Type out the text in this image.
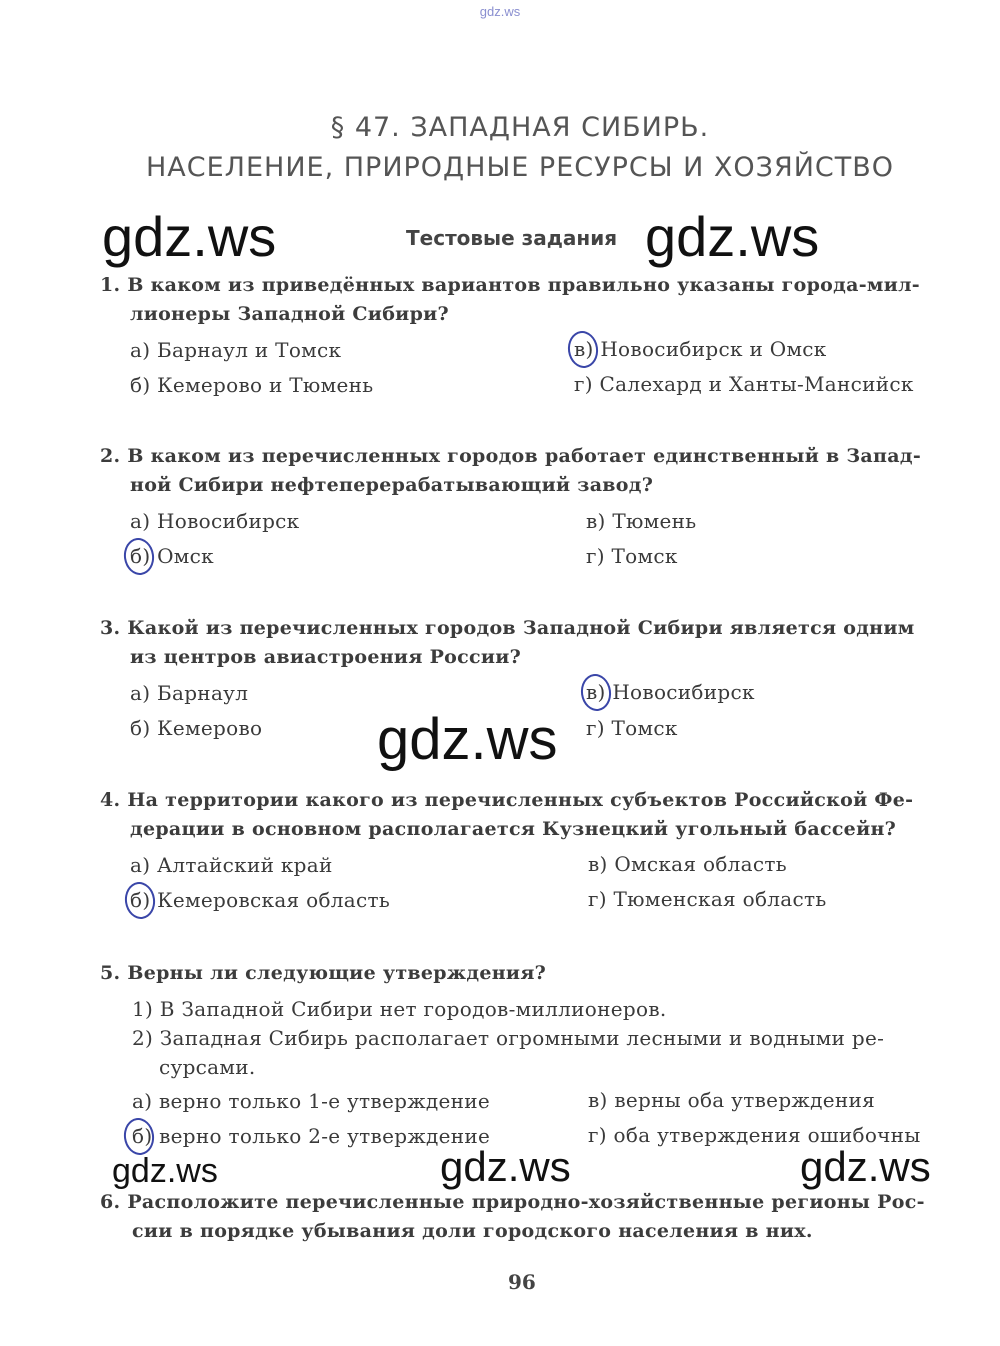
gdz.ws
§ 47. ЗАПАДНАЯ СИБИРЬ.
НАСЕЛЕНИЕ, ПРИРОДНЫЕ РЕСУРСЫ И ХОЗЯЙСТВО
gdz.ws	Тестовые задания gdz.ws
1. В каком из приведённых вариантов правильно указаны города-мил-
лионеры Западной Сибири?
а) Барнаул и Томск	в) Новосибирск и Омск
б) Кемерово и Тюмень	г) Салехард и Ханты-Мансийск
2. В каком из перечисленных городов работает единственный в Запад-
ной Сибири нефтеперерабатывающий завод?
а) Новосибирск	в) Тюмень
б) Омск	г) Томск
3. Какой из перечисленных городов Западной Сибири является одним
из центров авиастроения России?
а) Барнаул	в) Новосибирск
б) Кемерово	г) Томск
gdz.ws
4. На территории какого из перечисленных субъектов Российской Фе-
дерации в основном располагается Кузнецкий угольный бассейн?
а) Алтайский край	в) Омская область
б) Кемеровская область	г) Тюменская область
5. Верны ли следующие утверждения?
1) В Западной Сибири нет городов-миллионеров.
2) Западная Сибирь располагает огромными лесными и водными ре-
сурсами.
а) верно только 1-е утверждение	в) верны оба утверждения
б) верно только 2-е утверждение	г) оба утверждения ошибочны
gdz.ws	gdz.ws	gdz.ws
6. Расположите перечисленные природно-хозяйственные регионы Рос-
сии в порядке убывания доли городского населения в них.
96
